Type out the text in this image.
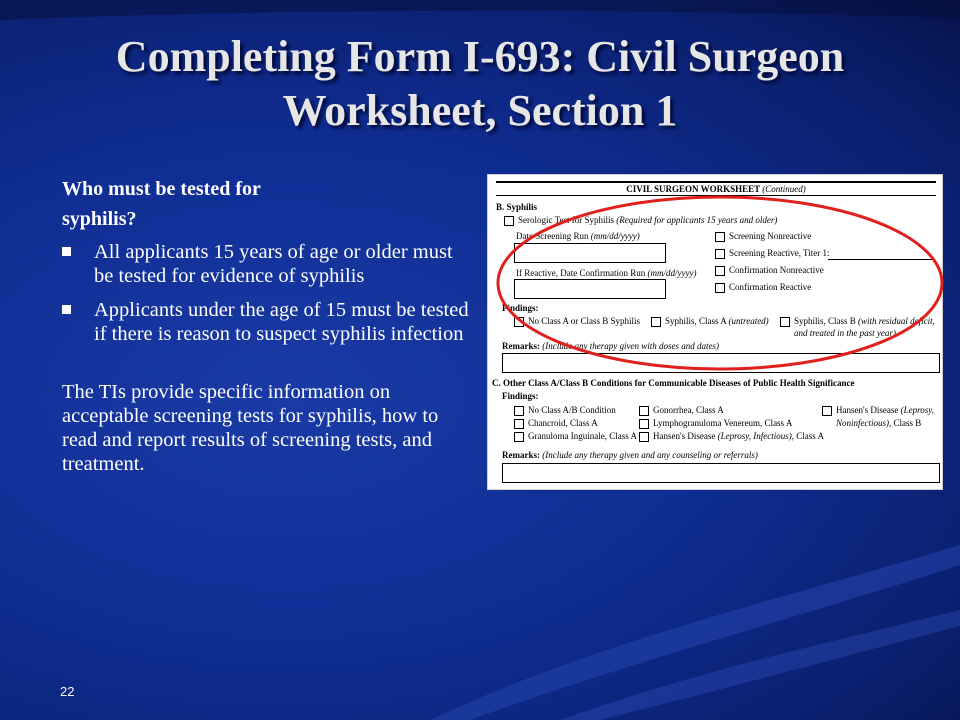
Completing Form I-693: Civil Surgeon Worksheet, Section 1

Who must be tested for
syphilis?

All applicants 15 years of age or older must be tested for evidence of syphilis
Applicants under the age of 15 must be tested if there is reason to suspect syphilis infection

The TIs provide specific information on acceptable screening tests for syphilis, how to read and report results of screening tests, and treatment.

CIVIL SURGEON WORKSHEET (Continued)
B. Syphilis
Serologic Test for Syphilis (Required for applicants 15 years and older)
Date Screening Run (mm/dd/yyyy)
If Reactive, Date Confirmation Run (mm/dd/yyyy)
Screening Nonreactive
Screening Reactive, Titer 1:
Confirmation Nonreactive
Confirmation Reactive
Findings:
No Class A or Class B Syphilis	Syphilis, Class A (untreated)	Syphilis, Class B (with residual deficit,
and treated in the past year)
Remarks: (Include any therapy given with doses and dates)
C. Other Class A/Class B Conditions for Communicable Diseases of Public Health Significance
Findings:
No Class A/B Condition
Chancroid, Class A
Granuloma Inguinale, Class A
Gonorrhea, Class A
Lymphogranuloma Venereum, Class A
Hansen's Disease (Leprosy, Infectious), Class A
Hansen's Disease (Leprosy,
Noninfectious), Class B
Remarks: (Include any therapy given and any counseling or referrals)
22
